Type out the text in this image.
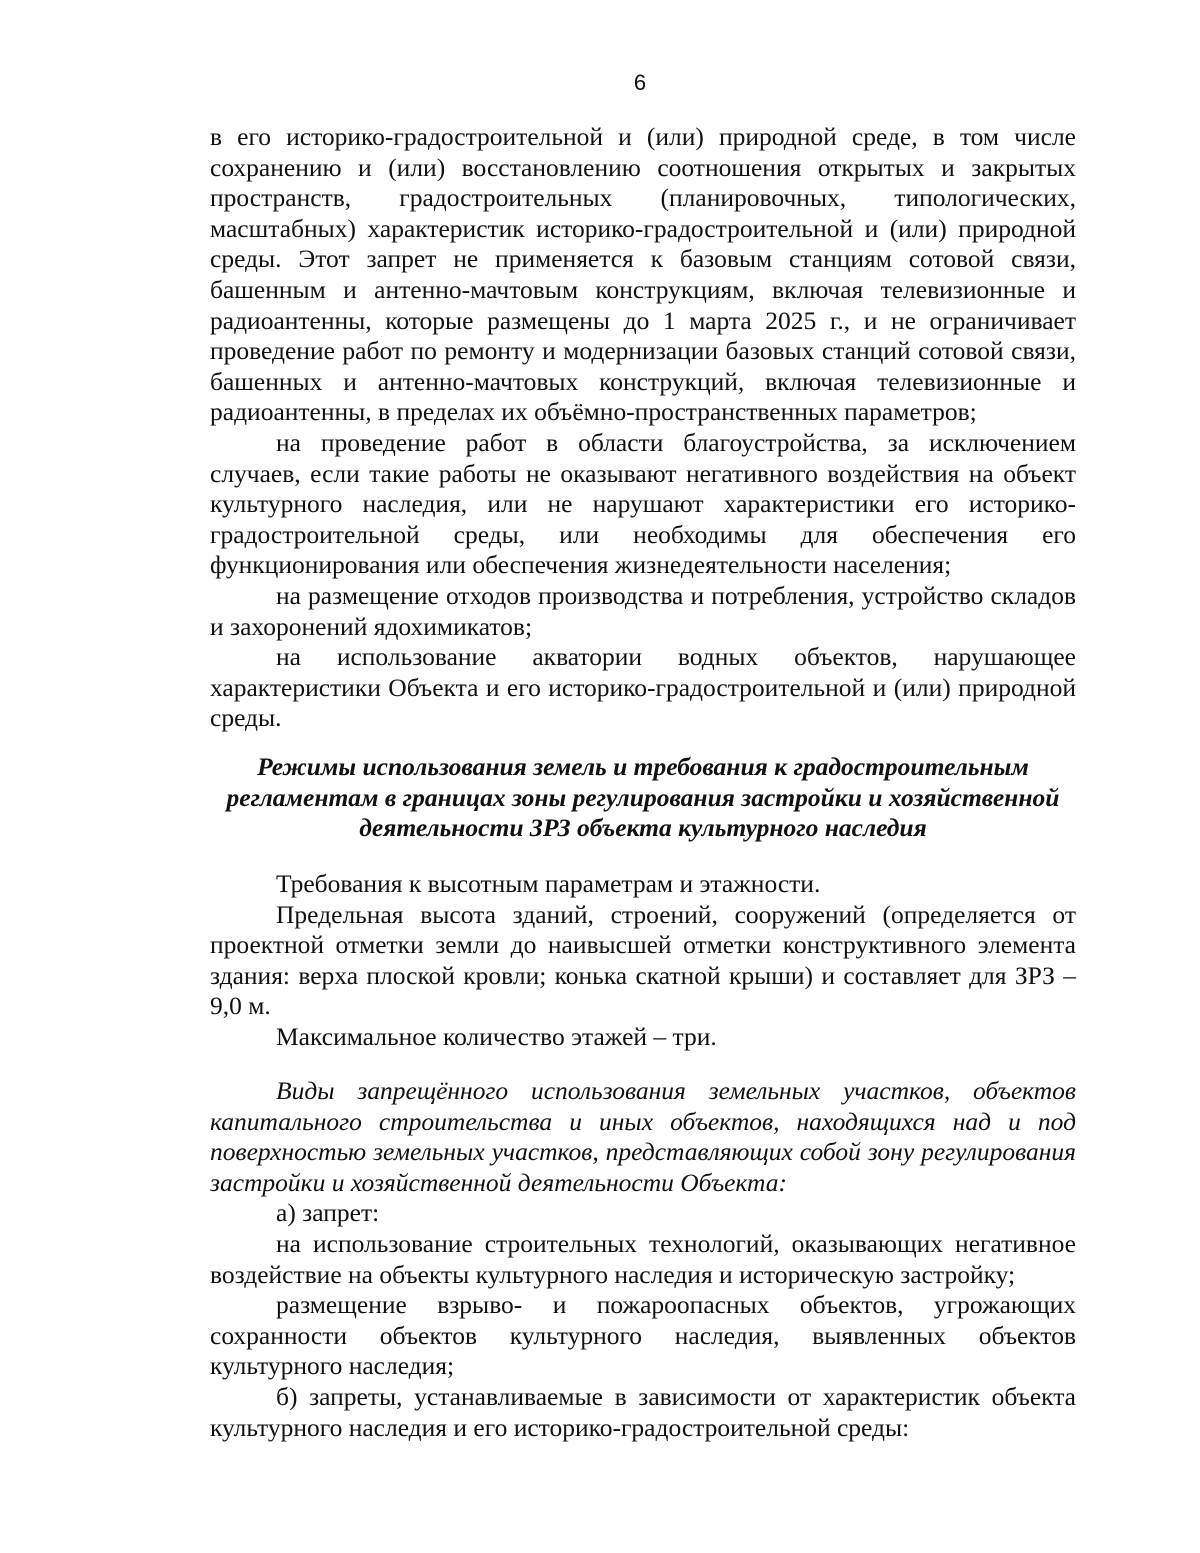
6

в его историко-градостроительной и (или) природной среде, в том числе сохранению и (или) восстановлению соотношения открытых и закрытых пространств, градостроительных (планировочных, типологических, масштабных) характеристик историко-градостроительной и (или) природной среды. Этот запрет не применяется к базовым станциям сотовой связи, башенным и антенно-мачтовым конструкциям, включая телевизионные и радиоантенны, которые размещены до 1 марта 2025 г., и не ограничивает проведение работ по ремонту и модернизации базовых станций сотовой связи, башенных и антенно-мачтовых конструкций, включая телевизионные и радиоантенны, в пределах их объёмно-пространственных параметров;

на проведение работ в области благоустройства, за исключением случаев, если такие работы не оказывают негативного воздействия на объект культурного наследия, или не нарушают характеристики его историко-градостроительной среды, или необходимы для обеспечения его функционирования или обеспечения жизнедеятельности населения;

на размещение отходов производства и потребления, устройство складов и захоронений ядохимикатов;

на использование акватории водных объектов, нарушающее характеристики Объекта и его историко-градостроительной и (или) природной среды.

Режимы использования земель и требования к градостроительным регламентам в границах зоны регулирования застройки и хозяйственной деятельности ЗРЗ объекта культурного наследия

Требования к высотным параметрам и этажности.

Предельная высота зданий, строений, сооружений (определяется от проектной отметки земли до наивысшей отметки конструктивного элемента здания: верха плоской кровли; конька скатной крыши) и составляет для ЗРЗ – 9,0 м.

Максимальное количество этажей – три.

Виды запрещённого использования земельных участков, объектов капитального строительства и иных объектов, находящихся над и под поверхностью земельных участков, представляющих собой зону регулирования застройки и хозяйственной деятельности Объекта:

а) запрет:

на использование строительных технологий, оказывающих негативное воздействие на объекты культурного наследия и историческую застройку;

размещение взрыво- и пожароопасных объектов, угрожающих сохранности объектов культурного наследия, выявленных объектов культурного наследия;

б) запреты, устанавливаемые в зависимости от характеристик объекта культурного наследия и его историко-градостроительной среды:
